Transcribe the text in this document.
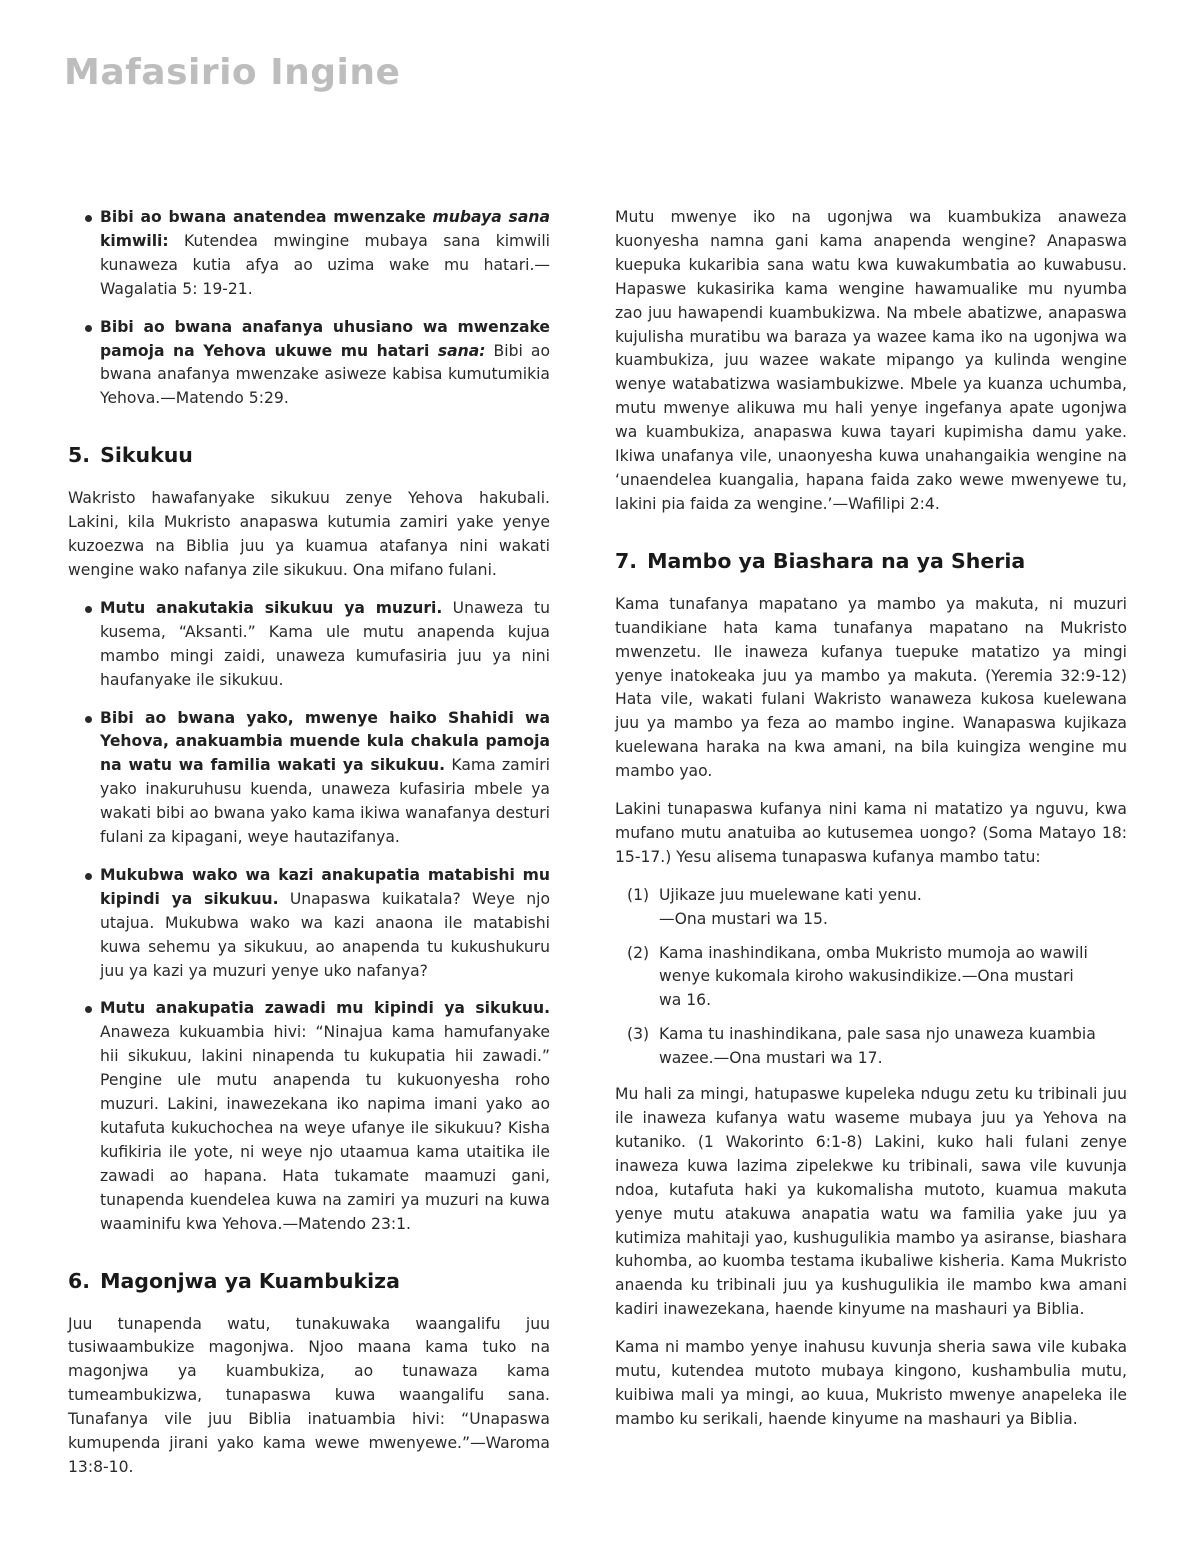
Mafasirio Ingine
Bibi ao bwana anatendea mwenzake mubaya sana kimwili: Kutendea mwingine mubaya sana kimwili kunaweza kutia afya ao uzima wake mu hatari.—Wagalatia 5: 19-21.
Bibi ao bwana anafanya uhusiano wa mwenzake pamoja na Yehova ukuwe mu hatari sana: Bibi ao bwana anafanya mwenzake asiweze kabisa kumutumikia Yehova.—Matendo 5:29.
5. Sikukuu

Wakristo hawafanyake sikukuu zenye Yehova hakubali. Lakini, kila Mukristo anapaswa kutumia zamiri yake yenye kuzoezwa na Biblia juu ya kuamua atafanya nini wakati wengine wako nafanya zile sikukuu. Ona mifano fulani.

Mutu anakutakia sikukuu ya muzuri. Unaweza tu kusema, “Aksanti.” Kama ule mutu anapenda kujua mambo mingi zaidi, unaweza kumufasiria juu ya nini haufanyake ile sikukuu.
Bibi ao bwana yako, mwenye haiko Shahidi wa Yehova, anakuambia muende kula chakula pamoja na watu wa familia wakati ya sikukuu. Kama zamiri yako inakuruhusu kuenda, unaweza kufasiria mbele ya wakati bibi ao bwana yako kama ikiwa wanafanya desturi fulani za kipagani, weye hautazifanya.
Mukubwa wako wa kazi anakupatia matabishi mu kipindi ya sikukuu. Unapaswa kuikatala? Weye njo utajua. Mukubwa wako wa kazi anaona ile matabishi kuwa sehemu ya sikukuu, ao anapenda tu kukushukuru juu ya kazi ya muzuri yenye uko nafanya?
Mutu anakupatia zawadi mu kipindi ya sikukuu. Anaweza kukuambia hivi: “Ninajua kama hamufanyake hii sikukuu, lakini ninapenda tu kukupatia hii zawadi.” Pengine ule mutu anapenda tu kukuonyesha roho muzuri. Lakini, inawezekana iko napima imani yako ao kutafuta kukuchochea na weye ufanye ile sikukuu? Kisha kufikiria ile yote, ni weye njo utaamua kama utaitika ile zawadi ao hapana. Hata tukamate maamuzi gani, tunapenda kuendelea kuwa na zamiri ya muzuri na kuwa waaminifu kwa Yehova.—Matendo 23:1.
6. Magonjwa ya Kuambukiza

Juu tunapenda watu, tunakuwaka waangalifu juu tusiwaambukize magonjwa. Njoo maana kama tuko na magonjwa ya kuambukiza, ao tunawaza kama tumeambukizwa, tunapaswa kuwa waangalifu sana. Tunafanya vile juu Biblia inatuambia hivi: “Unapaswa kumupenda jirani yako kama wewe mwenyewe.”—Waroma 13:8-10.

Mutu mwenye iko na ugonjwa wa kuambukiza anaweza kuonyesha namna gani kama anapenda wengine? Anapaswa kuepuka kukaribia sana watu kwa kuwakumbatia ao kuwabusu. Hapaswe kukasirika kama wengine hawamualike mu nyumba zao juu hawapendi kuambukizwa. Na mbele abatizwe, anapaswa kujulisha muratibu wa baraza ya wazee kama iko na ugonjwa wa kuambukiza, juu wazee wakate mipango ya kulinda wengine wenye watabatizwa wasiambukizwe. Mbele ya kuanza uchumba, mutu mwenye alikuwa mu hali yenye ingefanya apate ugonjwa wa kuambukiza, anapaswa kuwa tayari kupimisha damu yake. Ikiwa unafanya vile, unaonyesha kuwa unahangaikia wengine na ‘unaendelea kuangalia, hapana faida zako wewe mwenyewe tu, lakini pia faida za wengine.’—Wafilipi 2:4.

7. Mambo ya Biashara na ya Sheria

Kama tunafanya mapatano ya mambo ya makuta, ni muzuri tuandikiane hata kama tunafanya mapatano na Mukristo mwenzetu. Ile inaweza kufanya tuepuke matatizo ya mingi yenye inatokeaka juu ya mambo ya makuta. (Yeremia 32:9-12) Hata vile, wakati fulani Wakristo wanaweza kukosa kuelewana juu ya mambo ya feza ao mambo ingine. Wanapaswa kujikaza kuelewana haraka na kwa amani, na bila kuingiza wengine mu mambo yao.

Lakini tunapaswa kufanya nini kama ni matatizo ya nguvu, kwa mufano mutu anatuiba ao kutusemea uongo? (Soma Matayo 18: 15-17.) Yesu alisema tunapaswa kufanya mambo tatu:

(1) Ujikaze juu muelewane kati yenu.
—Ona mustari wa 15.
(2) Kama inashindikana, omba Mukristo mumoja ao wawili wenye kukomala kiroho wakusindikize.—Ona mustari
wa 16.
(3) Kama tu inashindikana, pale sasa njo unaweza kuambia
wazee.—Ona mustari wa 17.

Mu hali za mingi, hatupaswe kupeleka ndugu zetu ku tribinali juu ile inaweza kufanya watu waseme mubaya juu ya Yehova na kutaniko. (1 Wakorinto 6:1-8) Lakini, kuko hali fulani zenye inaweza kuwa lazima zipelekwe ku tribinali, sawa vile kuvunja ndoa, kutafuta haki ya kukomalisha mutoto, kuamua makuta yenye mutu atakuwa anapatia watu wa familia yake juu ya kutimiza mahitaji yao, kushugulikia mambo ya asiranse, biashara kuhomba, ao kuomba testama ikubaliwe kisheria. Kama Mukristo anaenda ku tribinali juu ya kushugulikia ile mambo kwa amani kadiri inawezekana, haende kinyume na mashauri ya Biblia.

Kama ni mambo yenye inahusu kuvunja sheria sawa vile kubaka mutu, kutendea mutoto mubaya kingono, kushambulia mutu, kuibiwa mali ya mingi, ao kuua, Mukristo mwenye anapeleka ile mambo ku serikali, haende kinyume na mashauri ya Biblia.
